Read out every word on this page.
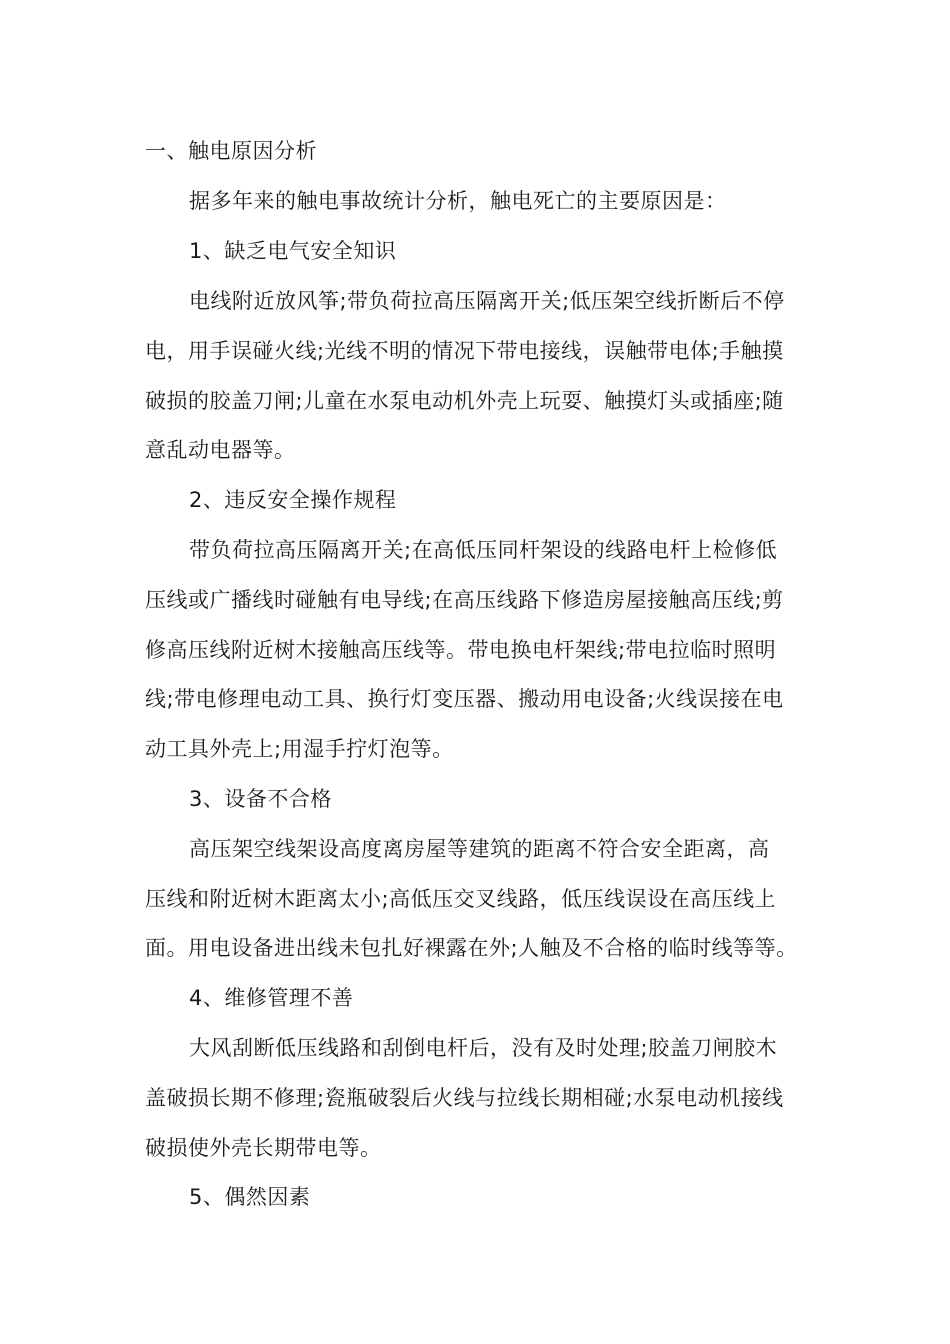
一、触电原因分析
据多年来的触电事故统计分析，触电死亡的主要原因是：
1、缺乏电气安全知识
电线附近放风筝;带负荷拉高压隔离开关;低压架空线折断后不停
电，用手误碰火线;光线不明的情况下带电接线，误触带电体;手触摸
破损的胶盖刀闸;儿童在水泵电动机外壳上玩耍、触摸灯头或插座;随
意乱动电器等。
2、违反安全操作规程
带负荷拉高压隔离开关;在高低压同杆架设的线路电杆上检修低
压线或广播线时碰触有电导线;在高压线路下修造房屋接触高压线;剪
修高压线附近树木接触高压线等。带电换电杆架线;带电拉临时照明
线;带电修理电动工具、换行灯变压器、搬动用电设备;火线误接在电
动工具外壳上;用湿手拧灯泡等。
3、设备不合格
高压架空线架设高度离房屋等建筑的距离不符合安全距离，高
压线和附近树木距离太小;高低压交叉线路，低压线误设在高压线上
面。用电设备进出线未包扎好裸露在外;人触及不合格的临时线等等。
4、维修管理不善
大风刮断低压线路和刮倒电杆后，没有及时处理;胶盖刀闸胶木
盖破损长期不修理;瓷瓶破裂后火线与拉线长期相碰;水泵电动机接线
破损使外壳长期带电等。
5、偶然因素
